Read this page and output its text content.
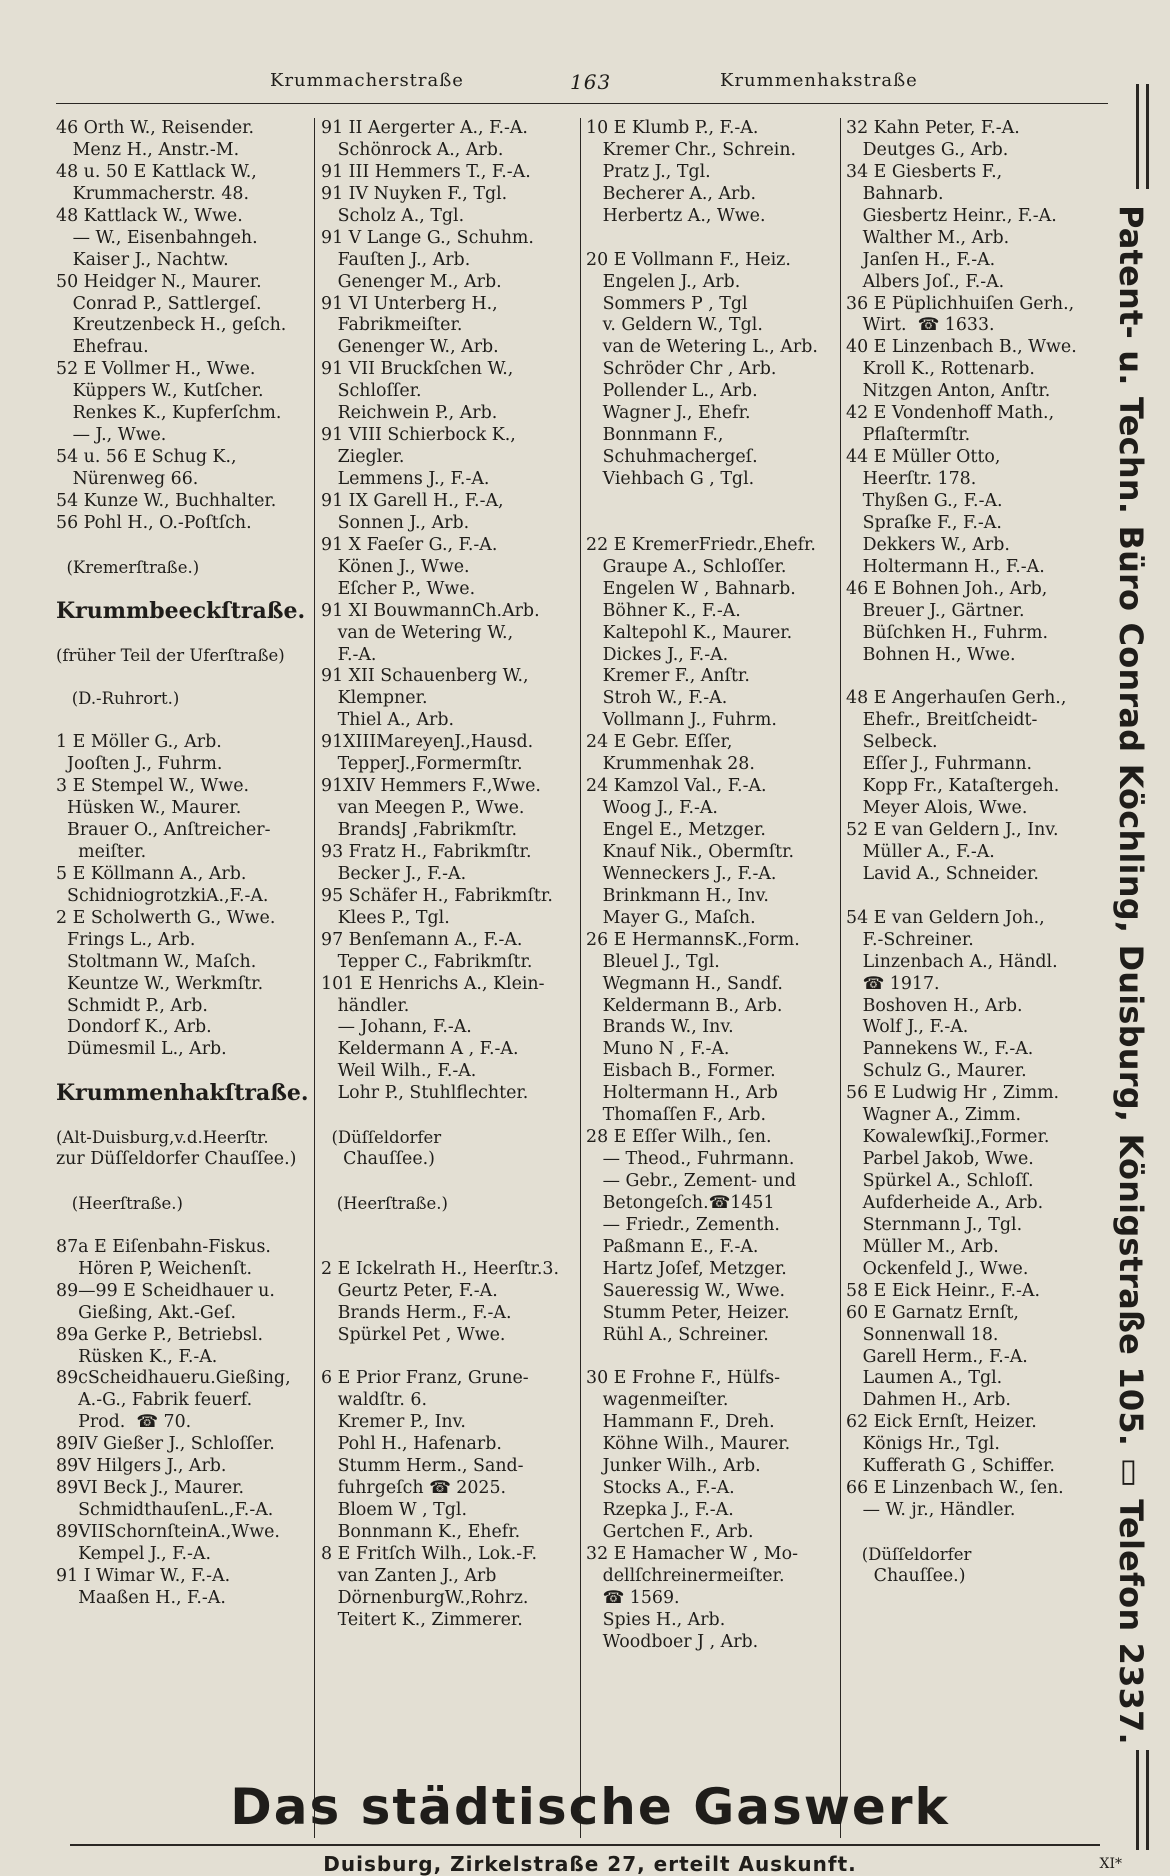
Krummacherstraße	163	Krummenhakstraße
46 Orth W., Reisender.
Menz H., Anstr.-M.
48 u. 50 E Kattlack W.,
Krummacherstr. 48.
48 Kattlack W., Wwe.
— W., Eisenbahngeh.
Kaiser J., Nachtw.
50 Heidger N., Maurer.
Conrad P., Sattlergeſ.
Kreutzenbeck H., geſch.
Ehefrau.
52 E Vollmer H., Wwe.
Küppers W., Kutſcher.
Renkes K., Kupferſchm.
— J., Wwe.
54 u. 56 E Schug K.,
Nürenweg 66.
54 Kunze W., Buchhalter.
56 Pohl H., O.-Poſtſch.
(Kremerſtraße.)
Krummbeeckſtraße.
(früher Teil der Uferſtraße)
(D.-Ruhrort.)
1 E Möller G., Arb.
Jooſten J., Fuhrm.
3 E Stempel W., Wwe.
Hüsken W., Maurer.
Brauer O., Anſtreicher-
meiſter.
5 E Köllmann A., Arb.
SchidniogrotzkiA.,F.-A.
2 E Scholwerth G., Wwe.
Frings L., Arb.
Stoltmann W., Maſch.
Keuntze W., Werkmſtr.
Schmidt P., Arb.
Dondorf K., Arb.
Dümesmil L., Arb.
Krummenhakſtraße.
(Alt-Duisburg,v.d.Heerſtr.
zur Düſſeldorfer Chauſſee.)
(Heerſtraße.)
87a E Eiſenbahn-Fiskus.
Hören P, Weichenſt.
89—99 E Scheidhauer u.
Gießing, Akt.-Geſ.
89a Gerke P., Betriebsl.
Rüsken K., F.-A.
89cScheidhaueru.Gießing,
A.-G., Fabrik feuerf.
Prod.  ☎ 70.
89IV Gießer J., Schloſſer.
89V Hilgers J., Arb.
89VI Beck J., Maurer.
SchmidthauſenL.,F.-A.
89VIISchornſteinA.,Wwe.
Kempel J., F.-A.
91 I Wimar W., F.-A.
Maaßen H., F.-A.
91 II Aergerter A., F.-A.
Schönrock A., Arb.
91 III Hemmers T., F.-A.
91 IV Nuyken F., Tgl.
Scholz A., Tgl.
91 V Lange G., Schuhm.
Fauſten J., Arb.
Genenger M., Arb.
91 VI Unterberg H.,
Fabrikmeiſter.
Genenger W., Arb.
91 VII Bruckſchen W.,
Schloſſer.
Reichwein P., Arb.
91 VIII Schierbock K.,
Ziegler.
Lemmens J., F.-A.
91 IX Garell H., F.-A,
Sonnen J., Arb.
91 X Faeſer G., F.-A.
Könen J., Wwe.
Eſcher P., Wwe.
91 XI BouwmannCh.Arb.
van de Wetering W.,
F.-A.
91 XII Schauenberg W.,
Klempner.
Thiel A., Arb.
91XIIIMareyenJ.,Hausd.
TepperJ.,Formermſtr.
91XIV Hemmers F.,Wwe.
van Meegen P., Wwe.
BrandsJ ,Fabrikmſtr.
93 Fratz H., Fabrikmſtr.
Becker J., F.-A.
95 Schäfer H., Fabrikmſtr.
Klees P., Tgl.
97 Benſemann A., F.-A.
Tepper C., Fabrikmſtr.
101 E Henrichs A., Klein-
händler.
— Johann, F.-A.
Keldermann A , F.-A.
Weil Wilh., F.-A.
Lohr P., Stuhlflechter.
(Düſſeldorfer
Chauſſee.)
(Heerſtraße.)
2 E Ickelrath H., Heerſtr.3.
Geurtz Peter, F.-A.
Brands Herm., F.-A.
Spürkel Pet , Wwe.
6 E Prior Franz, Grune-
waldſtr. 6.
Kremer P., Inv.
Pohl H., Hafenarb.
Stumm Herm., Sand-
fuhrgeſch ☎ 2025.
Bloem W , Tgl.
Bonnmann K., Ehefr.
8 E Fritſch Wilh., Lok.-F.
van Zanten J., Arb
DörnenburgW.,Rohrz.
Teitert K., Zimmerer.
10 E Klumb P., F.-A.
Kremer Chr., Schrein.
Pratz J., Tgl.
Becherer A., Arb.
Herbertz A., Wwe.
20 E Vollmann F., Heiz.
Engelen J., Arb.
Sommers P , Tgl
v. Geldern W., Tgl.
van de Wetering L., Arb.
Schröder Chr , Arb.
Pollender L., Arb.
Wagner J., Ehefr.
Bonnmann F.,
Schuhmachergeſ.
Viehbach G , Tgl.
22 E KremerFriedr.,Ehefr.
Graupe A., Schloſſer.
Engelen W , Bahnarb.
Böhner K., F.-A.
Kaltepohl K., Maurer.
Dickes J., F.-A.
Kremer F., Anſtr.
Stroh W., F.-A.
Vollmann J., Fuhrm.
24 E Gebr. Eſſer,
Krummenhak 28.
24 Kamzol Val., F.-A.
Woog J., F.-A.
Engel E., Metzger.
Knauf Nik., Obermſtr.
Wenneckers J., F.-A.
Brinkmann H., Inv.
Mayer G., Maſch.
26 E HermannsK.,Form.
Bleuel J., Tgl.
Wegmann H., Sandf.
Keldermann B., Arb.
Brands W., Inv.
Muno N , F.-A.
Eisbach B., Former.
Holtermann H., Arb
Thomaſſen F., Arb.
28 E Eſſer Wilh., ſen.
— Theod., Fuhrmann.
— Gebr., Zement- und
Betongeſch.☎1451
— Friedr., Zementh.
Paßmann E., F.-A.
Hartz Joſef, Metzger.
Saueressig W., Wwe.
Stumm Peter, Heizer.
Rühl A., Schreiner.
30 E Frohne F., Hülfs-
wagenmeiſter.
Hammann F., Dreh.
Köhne Wilh., Maurer.
Junker Wilh., Arb.
Stocks A., F.-A.
Rzepka J., F.-A.
Gertchen F., Arb.
32 E Hamacher W , Mo-
dellſchreinermeiſter.
☎ 1569.
Spies H., Arb.
Woodboer J , Arb.
32 Kahn Peter, F.-A.
Deutges G., Arb.
34 E Giesberts F.,
Bahnarb.
Giesbertz Heinr., F.-A.
Walther M., Arb.
Janſen H., F.-A.
Albers Joſ., F.-A.
36 E Püplichhuiſen Gerh.,
Wirt.  ☎ 1633.
40 E Linzenbach B., Wwe.
Kroll K., Rottenarb.
Nitzgen Anton, Anſtr.
42 E Vondenhoff Math.,
Pflaſtermſtr.
44 E Müller Otto,
Heerſtr. 178.
Thyßen G., F.-A.
Spraſke F., F.-A.
Dekkers W., Arb.
Holtermann H., F.-A.
46 E Bohnen Joh., Arb,
Breuer J., Gärtner.
Büſchken H., Fuhrm.
Bohnen H., Wwe.
48 E Angerhauſen Gerh.,
Ehefr., Breitſcheidt-
Selbeck.
Eſſer J., Fuhrmann.
Kopp Fr., Kataſtergeh.
Meyer Alois, Wwe.
52 E van Geldern J., Inv.
Müller A., F.-A.
Lavid A., Schneider.
54 E van Geldern Joh.,
F.-Schreiner.
Linzenbach A., Händl.
☎ 1917.
Boshoven H., Arb.
Wolf J., F.-A.
Pannekens W., F.-A.
Schulz G., Maurer.
56 E Ludwig Hr , Zimm.
Wagner A., Zimm.
KowalewſkiJ.,Former.
Parbel Jakob, Wwe.
Spürkel A., Schloſſ.
Aufderheide A., Arb.
Sternmann J., Tgl.
Müller M., Arb.
Ockenfeld J., Wwe.
58 E Eick Heinr., F.-A.
60 E Garnatz Ernſt,
Sonnenwall 18.
Garell Herm., F.-A.
Laumen A., Tgl.
Dahmen H., Arb.
62 Eick Ernſt, Heizer.
Königs Hr., Tgl.
Kufferath G , Schiffer.
66 E Linzenbach W., ſen.
— W. jr., Händler.
(Düſſeldorfer
Chauſſee.)	Patent- u. Techn. Büro Conrad Köchling, Duisburg, Königstraße 105. ▭ Telefon 2337.
Das städtische Gaswerk
Duisburg, Zirkelstraße 27, erteilt Auskunft.	XI*
